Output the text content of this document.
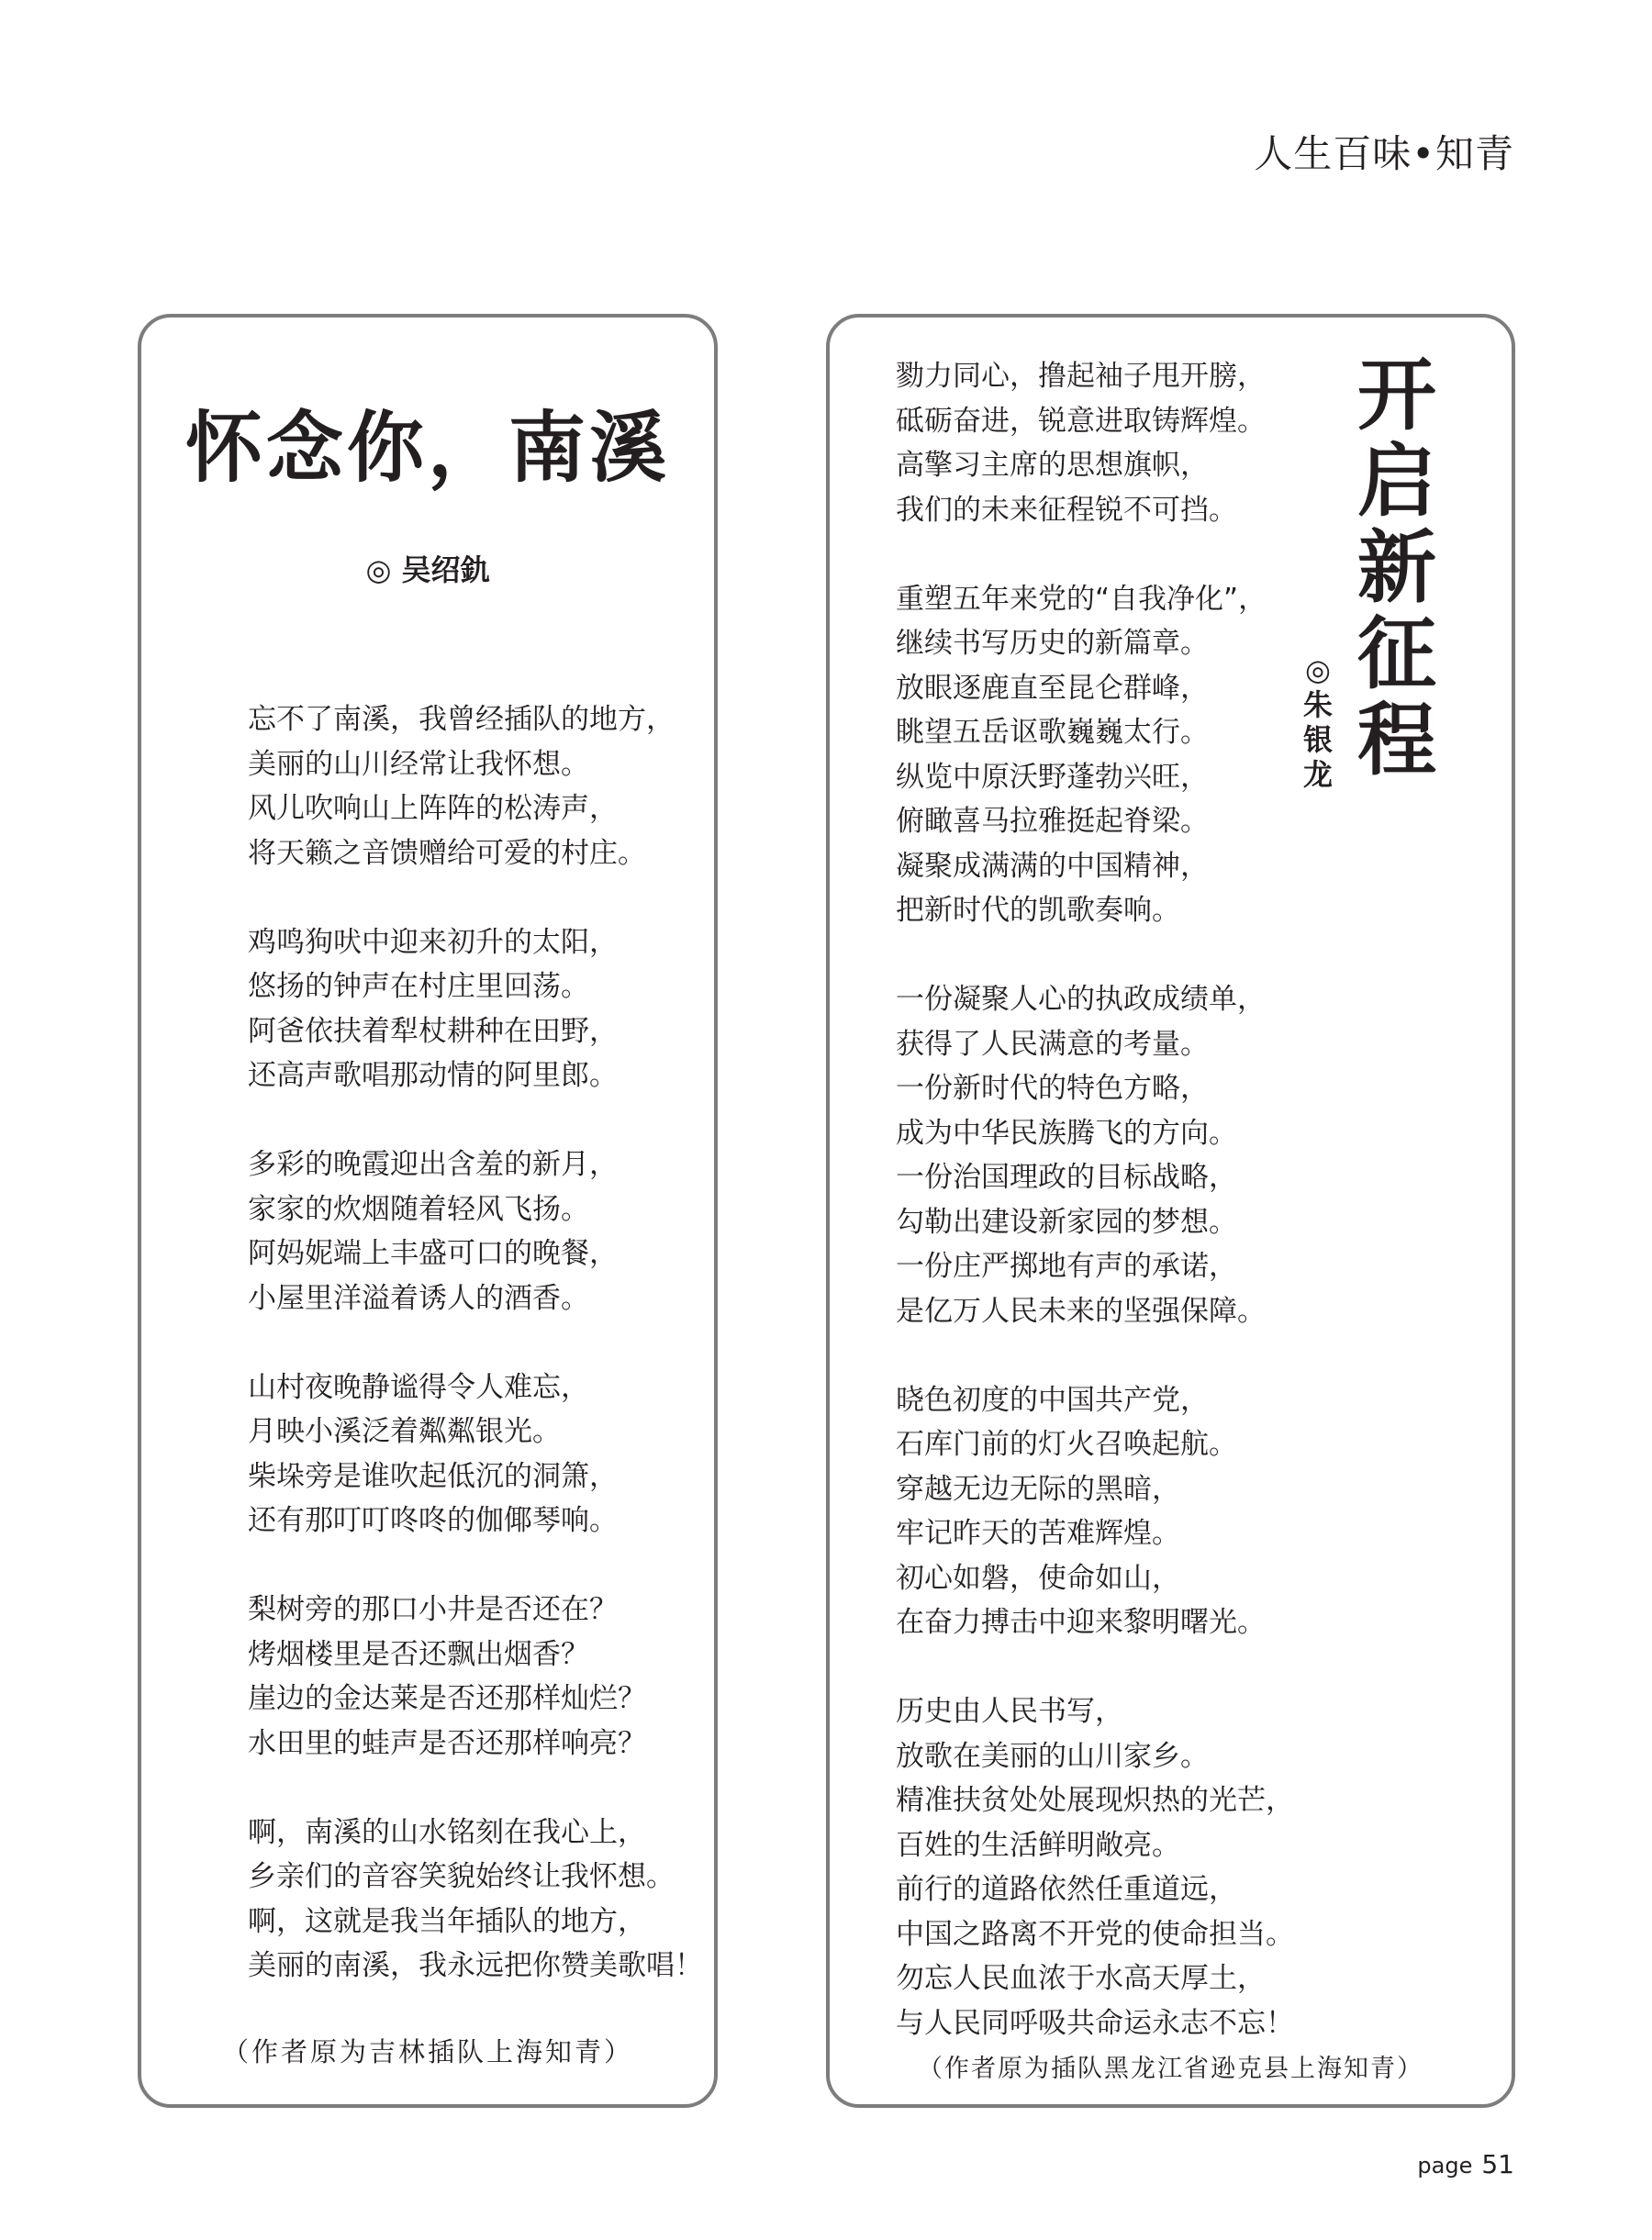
人生百味•知青
怀念你，南溪
◎ 吴绍釚
忘不了南溪，我曾经插队的地方，
美丽的山川经常让我怀想。
风儿吹响山上阵阵的松涛声，
将天籁之音馈赠给可爱的村庄。
鸡鸣狗吠中迎来初升的太阳，
悠扬的钟声在村庄里回荡。
阿爸依扶着犁杖耕种在田野，
还高声歌唱那动情的阿里郎。
多彩的晚霞迎出含羞的新月，
家家的炊烟随着轻风飞扬。
阿妈妮端上丰盛可口的晚餐，
小屋里洋溢着诱人的酒香。
山村夜晚静谧得令人难忘，
月映小溪泛着粼粼银光。
柴垛旁是谁吹起低沉的洞箫，
还有那叮叮咚咚的伽倻琴响。
梨树旁的那口小井是否还在？
烤烟楼里是否还飘出烟香？
崖边的金达莱是否还那样灿烂？
水田里的蛙声是否还那样响亮？
啊，南溪的山水铭刻在我心上，
乡亲们的音容笑貌始终让我怀想。
啊，这就是我当年插队的地方，
美丽的南溪，我永远把你赞美歌唱！
（作者原为吉林插队上海知青）
勠力同心，撸起袖子甩开膀，
砥砺奋进，锐意进取铸辉煌。
高擎习主席的思想旗帜，
我们的未来征程锐不可挡。
重塑五年来党的“自我净化”，
继续书写历史的新篇章。
放眼逐鹿直至昆仑群峰，
眺望五岳讴歌巍巍太行。
纵览中原沃野蓬勃兴旺，
俯瞰喜马拉雅挺起脊梁。
凝聚成满满的中国精神，
把新时代的凯歌奏响。
一份凝聚人心的执政成绩单，
获得了人民满意的考量。
一份新时代的特色方略，
成为中华民族腾飞的方向。
一份治国理政的目标战略，
勾勒出建设新家园的梦想。
一份庄严掷地有声的承诺，
是亿万人民未来的坚强保障。
晓色初度的中国共产党，
石库门前的灯火召唤起航。
穿越无边无际的黑暗，
牢记昨天的苦难辉煌。
初心如磐，使命如山，
在奋力搏击中迎来黎明曙光。
历史由人民书写，
放歌在美丽的山川家乡。
精准扶贫处处展现炽热的光芒，
百姓的生活鲜明敞亮。
前行的道路依然任重道远，
中国之路离不开党的使命担当。
勿忘人民血浓于水高天厚土，
与人民同呼吸共命运永志不忘！
开
启
新
征
程
◎
朱
银
龙
（作者原为插队黑龙江省逊克县上海知青）
page 51
